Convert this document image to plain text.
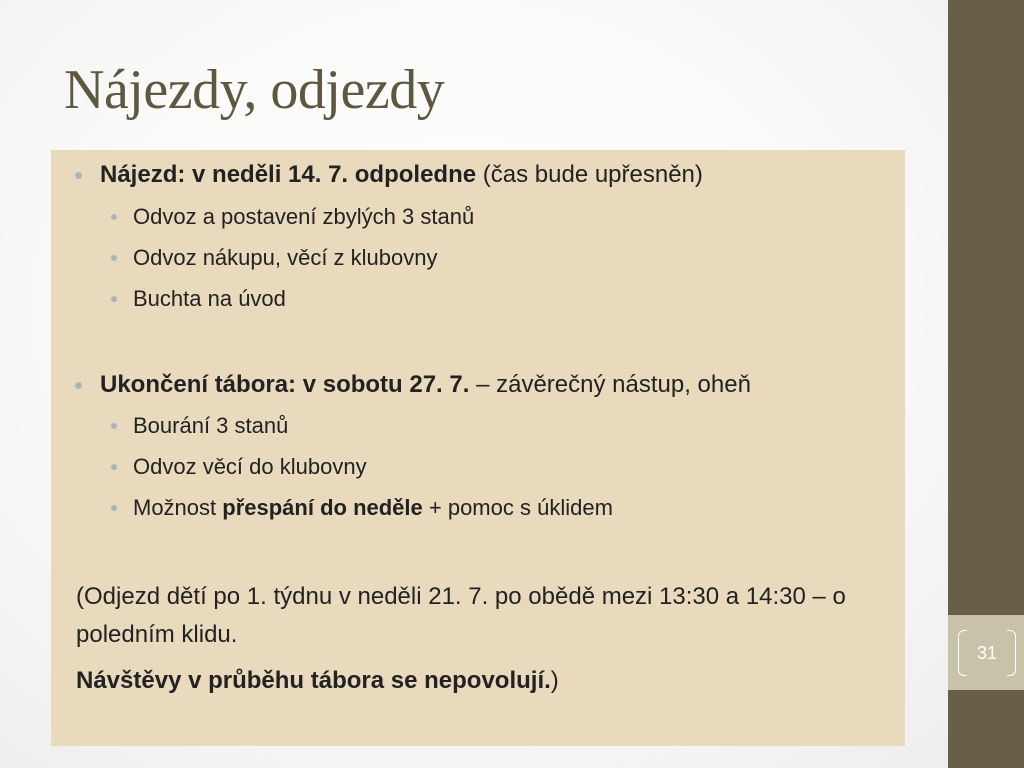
31
Nájezdy, odjezdy
Nájezd: v neděli 14. 7. odpoledne (čas bude upřesněn)
Odvoz a postavení zbylých 3 stanů
Odvoz nákupu, věcí z klubovny
Buchta na úvod
Ukončení tábora: v sobotu 27. 7. – závěrečný nástup, oheň
Bourání 3 stanů
Odvoz věcí do klubovny
Možnost přespání do neděle + pomoc s úklidem

(Odjezd dětí po 1. týdnu v neděli 21. 7. po obědě mezi 13:30 a 14:30 – o poledním klidu.

Návštěvy v průběhu tábora se nepovolují.)
